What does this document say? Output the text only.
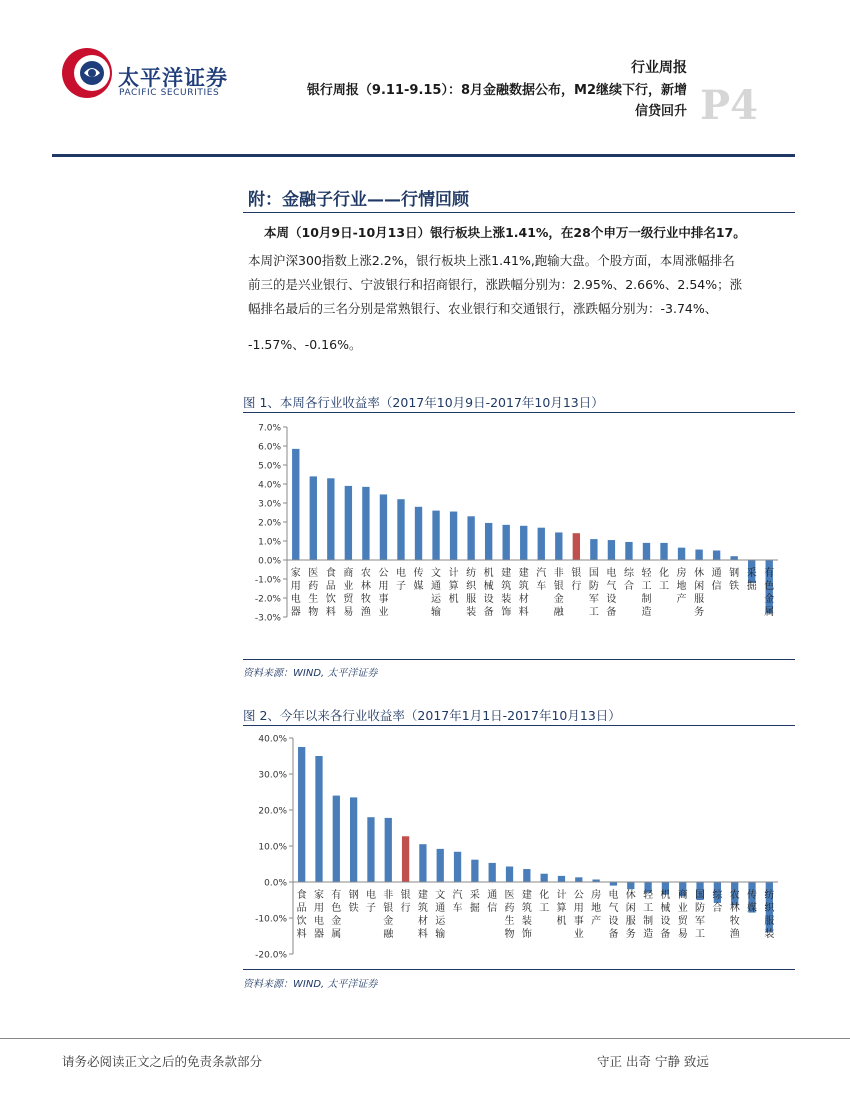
太平洋证券
PACIFIC SECURITIES
行业周报
银行周报（9.11-9.15）：8月金融数据公布，M2继续下行，新增
信贷回升 P4
附：金融子行业——行情回顾
本周（10月9日-10月13日）银行板块上涨1.41%，在28个申万一级行业中排名17。
本周沪深300指数上涨2.2%，银行板块上涨1.41%,跑输大盘。个股方面，本周涨幅排名
前三的是兴业银行、宁波银行和招商银行，涨跌幅分别为：2.95%、2.66%、2.54%；涨
幅排名最后的三名分别是常熟银行、农业银行和交通银行，涨跌幅分别为：-3.74%、
-1.57%、-0.16%。
图 1、本周各行业收益率（2017年10月9日-2017年10月13日）
7.0%
6.0%
5.0%
4.0%
3.0%
2.0%
1.0%
0.0%
-1.0%
-2.0%
-3.0%
家用电器
医药生物
食品饮料
商业贸易
农林牧渔
公用事业
电子
传媒
文通运输
计算机
纺织服装
机械设备
建筑装饰
建筑材料
汽车
非银金融
银行
国防军工
电气设备
综合
轻工制造
化工
房地产
休闲服务
通信
钢铁
采掘
有色金属
资料来源：WIND, 太平洋证券
图 2、今年以来各行业收益率（2017年1月1日-2017年10月13日）
40.0%
30.0%
20.0%
10.0%
0.0%
-10.0%
-20.0%
食品饮料
家用电器
有色金属
钢铁
电子
非银金融
银行
建筑材料
文通运输
汽车
采掘
通信
医药生物
建筑装饰
化工
计算机
公用事业
房地产
电气设备
休闲服务
轻工制造
机械设备
商业贸易
国防军工
综合
农林牧渔
传媒
纺织服装
资料来源：WIND, 太平洋证券
请务必阅读正文之后的免责条款部分	守正 出奇 宁静 致远
